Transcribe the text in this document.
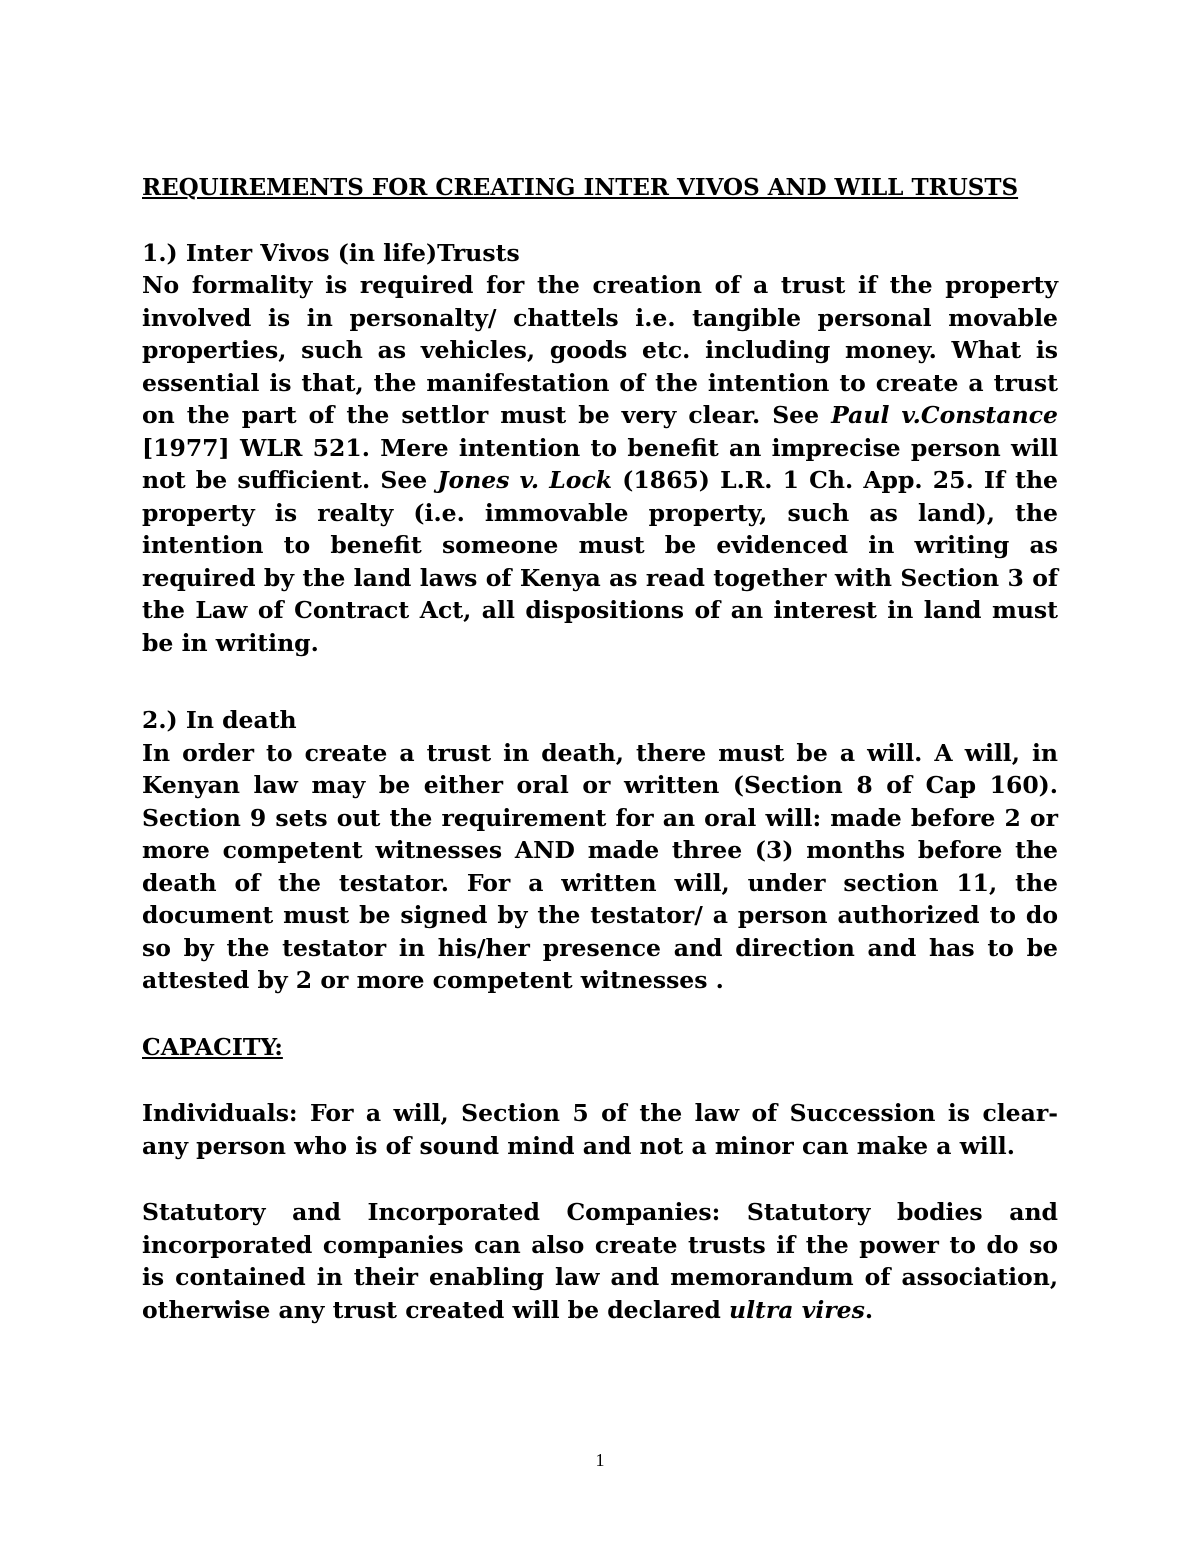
REQUIREMENTS FOR CREATING INTER VIVOS AND WILL TRUSTS

1.) Inter Vivos (in life)Trusts

No formality is required for the creation of a trust if the property involved is in personalty/ chattels i.e. tangible personal movable properties, such as vehicles, goods etc. including money. What is essential is that, the manifestation of the intention to create a trust on the part of the settlor must be very clear. See Paul v.Constance [1977] WLR 521. Mere intention to benefit an imprecise person will not be sufficient. See Jones v. Lock (1865) L.R. 1 Ch. App. 25. If the property is realty (i.e. immovable property, such as land), the intention to benefit someone must be evidenced in writing as required by the land laws of Kenya as read together with Section 3 of the Law of Contract Act, all dispositions of an interest in land must be in writing.

2.) In death

In order to create a trust in death, there must be a will. A will, in Kenyan law may be either oral or written (Section 8 of Cap 160). Section 9 sets out the requirement for an oral will: made before 2 or more competent witnesses AND made three (3) months before the death of the testator. For a written will, under section 11, the document must be signed by the testator/ a person authorized to do so by the testator in his/her presence and direction and has to be attested by 2 or more competent witnesses .

CAPACITY:

Individuals: For a will, Section 5 of the law of Succession is clear- any person who is of sound mind and not a minor can make a will.

Statutory and Incorporated Companies: Statutory bodies and incorporated companies can also create trusts if the power to do so is contained in their enabling law and memorandum of association, otherwise any trust created will be declared ultra vires.

1
